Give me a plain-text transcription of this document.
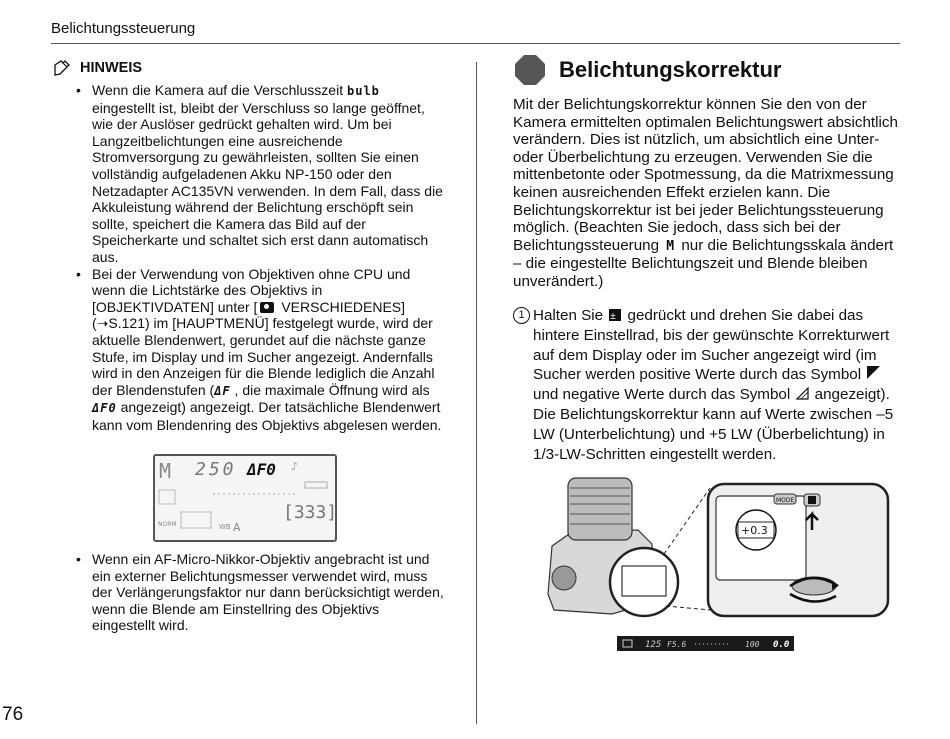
Belichtungssteuerung
76
HINWEIS
• Wenn die Kamera auf die Verschlusszeit bulb eingestellt ist, bleibt der Verschluss so lange geöffnet, wie der Auslöser gedrückt gehalten wird. Um bei Langzeitbelichtungen eine ausreichende Stromversorgung zu gewährleisten, sollten Sie einen vollständig aufgeladenen Akku NP-150 oder den Netzadapter AC135VN verwenden. In dem Fall, dass die Akkuleistung während der Belichtung erschöpft sein sollte, speichert die Kamera das Bild auf der Speicherkarte und schaltet sich erst dann automatisch aus.
• Bei der Verwendung von Objektiven ohne CPU und wenn die Lichtstärke des Objektivs in [OBJEKTIVDATEN] unter [ VERSCHIEDENES] (➝S.121) im [HAUPTMENÜ] festgelegt wurde, wird der aktuelle Blendenwert, gerundet auf die nächste ganze Stufe, im Display und im Sucher angezeigt. Andernfalls wird in den Anzeigen für die Blende lediglich die Anzahl der Blendenstufen (ΔF , die maximale Öffnung wird als ΔF0 angezeigt) angezeigt. Der tatsächliche Blendenwert kann vom Blendenring des Objektivs abgelesen werden.
M 250 ΔF0 ♪
[333]
NORM	WB A
• Wenn ein AF-Micro-Nikkor-Objektiv angebracht ist und ein externer Belichtungsmesser verwendet wird, muss der Verlängerungsfaktor nur dann berücksichtigt werden, wenn die Blende am Einstellring des Objektivs eingestellt wird.
Belichtungskorrektur

Mit der Belichtungskorrektur können Sie den von der Kamera ermittelten optimalen Belichtungswert absichtlich verändern. Dies ist nützlich, um absichtlich eine Unter- oder Überbelichtung zu erzeugen. Verwenden Sie die mittenbetonte oder Spotmessung, da die Matrixmessung keinen ausreichenden Effekt erzielen kann. Die Belichtungskorrektur ist bei jeder Belichtungssteuerung möglich. (Beachten Sie jedoch, dass sich bei der Belichtungssteuerung M nur die Belichtungsskala ändert – die eingestellte Belichtungszeit und Blende bleiben unverändert.)

1 Halten Sie ± gedrückt und drehen Sie dabei das hintere Einstellrad, bis der gewünschte Korrekturwert auf dem Display oder im Sucher angezeigt wird (im Sucher werden positive Werte durch das Symbol  und negative Werte durch das Symbol
angezeigt). Die Belichtungskorrektur kann auf Werte zwischen –5 LW (Unterbelichtung) und +5 LW (Überbelichtung) in 1/3-LW-Schritten eingestellt werden.

+0.3
MODE
125 F5.6	100 0.0
